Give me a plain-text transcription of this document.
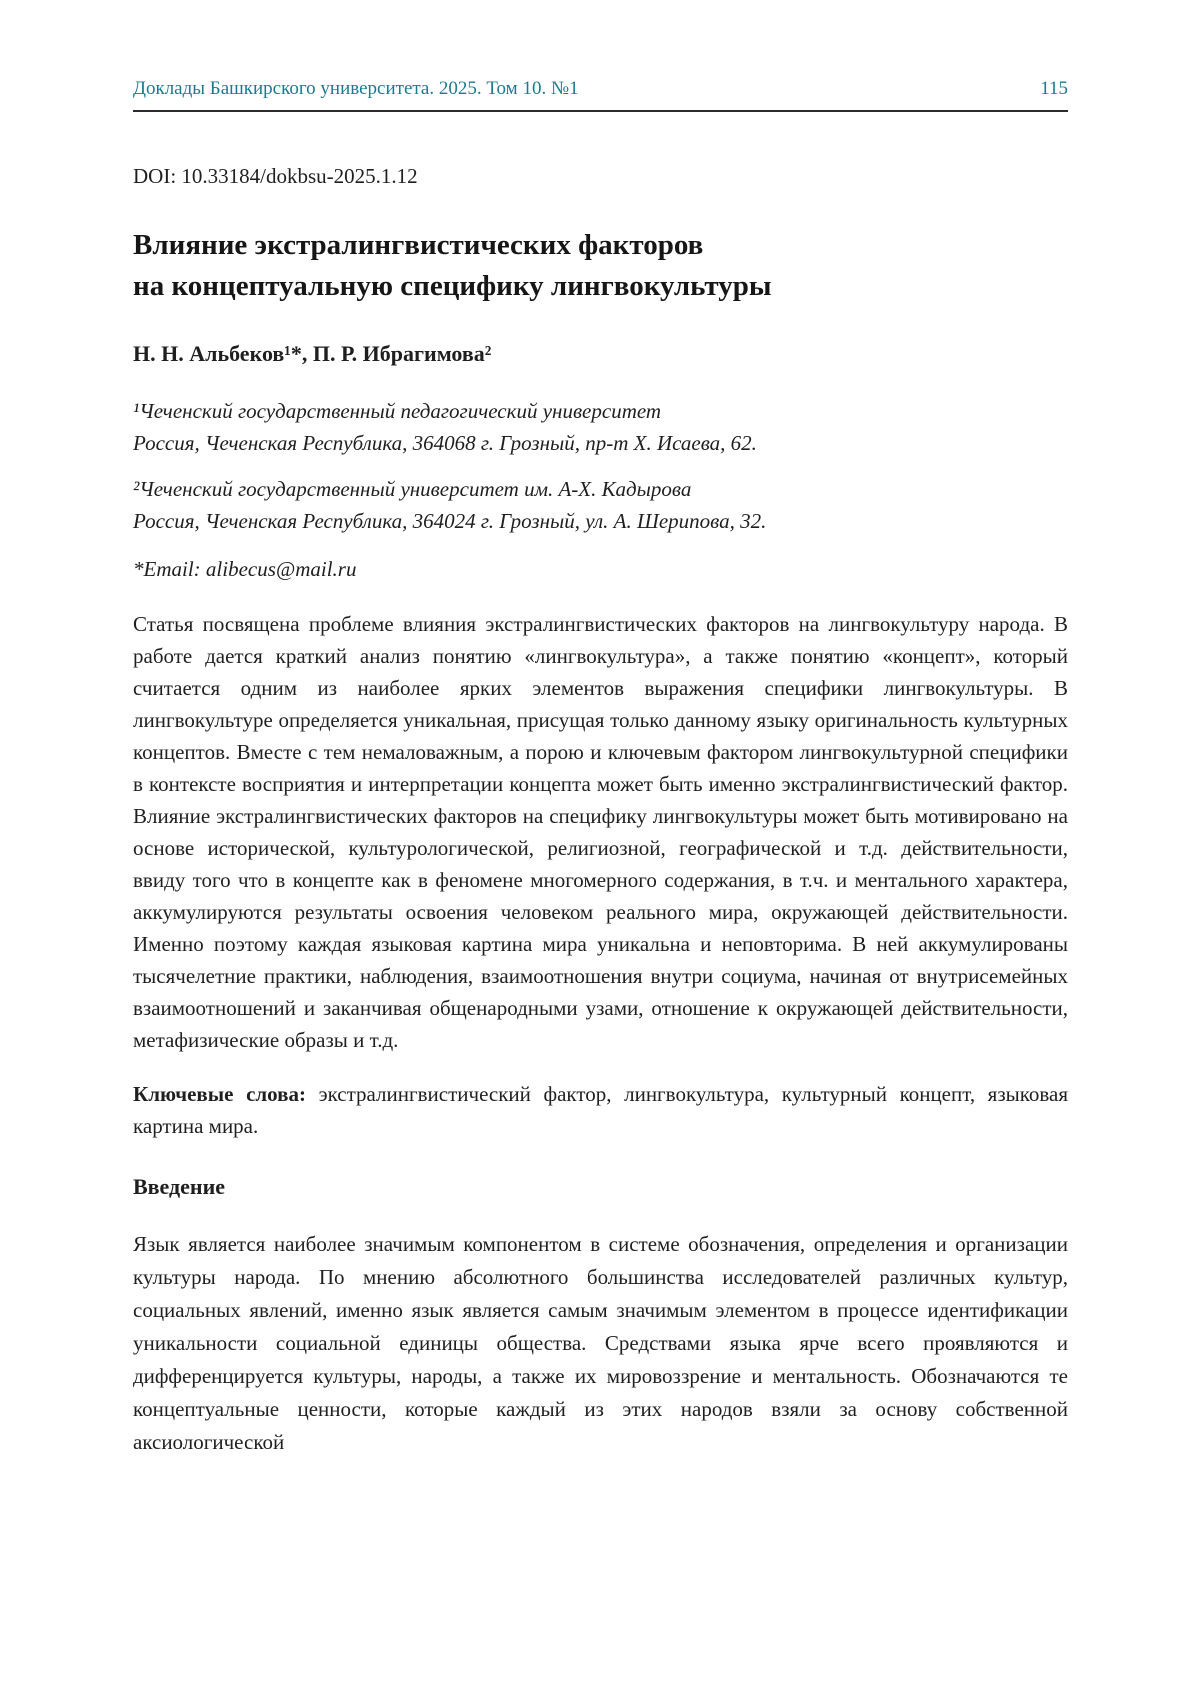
Доклады Башкирского университета. 2025. Том 10. №1	115

DOI: 10.33184/dokbsu-2025.1.12

Влияние экстралингвистических факторов
на концептуальную специфику лингвокультуры

Н. Н. Альбеков¹*, П. Р. Ибрагимова²

¹Чеченский государственный педагогический университет
Россия, Чеченская Республика, 364068 г. Грозный, пр-т Х. Исаева, 62.
²Чеченский государственный университет им. А-Х. Кадырова
Россия, Чеченская Республика, 364024 г. Грозный, ул. А. Шерипова, 32.

*Email: alibecus@mail.ru

Статья посвящена проблеме влияния экстралингвистических факторов на лингвокультуру народа. В работе дается краткий анализ понятию «лингвокультура», а также понятию «концепт», который считается одним из наиболее ярких элементов выражения специфики лингвокультуры. В лингвокультуре определяется уникальная, присущая только данному языку оригинальность культурных концептов. Вместе с тем немаловажным, а порою и ключевым фактором лингвокультурной специфики в контексте восприятия и интерпретации концепта может быть именно экстралингвистический фактор. Влияние экстралингвистических факторов на специфику лингвокультуры может быть мотивировано на основе исторической, культурологической, религиозной, географической и т.д. действительности, ввиду того что в концепте как в феномене многомерного содержания, в т.ч. и ментального характера, аккумулируются результаты освоения человеком реального мира, окружающей действительности. Именно поэтому каждая языковая картина мира уникальна и неповторима. В ней аккумулированы тысячелетние практики, наблюдения, взаимоотношения внутри социума, начиная от внутрисемейных взаимоотношений и заканчивая общенародными узами, отношение к окружающей действительности, метафизические образы и т.д.

Ключевые слова: экстралингвистический фактор, лингвокультура, культурный концепт, языковая картина мира.

Введение

Язык является наиболее значимым компонентом в системе обозначения, определения и организации культуры народа. По мнению абсолютного большинства исследователей различных культур, социальных явлений, именно язык является самым значимым элементом в процессе идентификации уникальности социальной единицы общества. Средствами языка ярче всего проявляются и дифференцируется культуры, народы, а также их мировоззрение и ментальность. Обозначаются те концептуальные ценности, которые каждый из этих народов взяли за основу собственной аксиологической
